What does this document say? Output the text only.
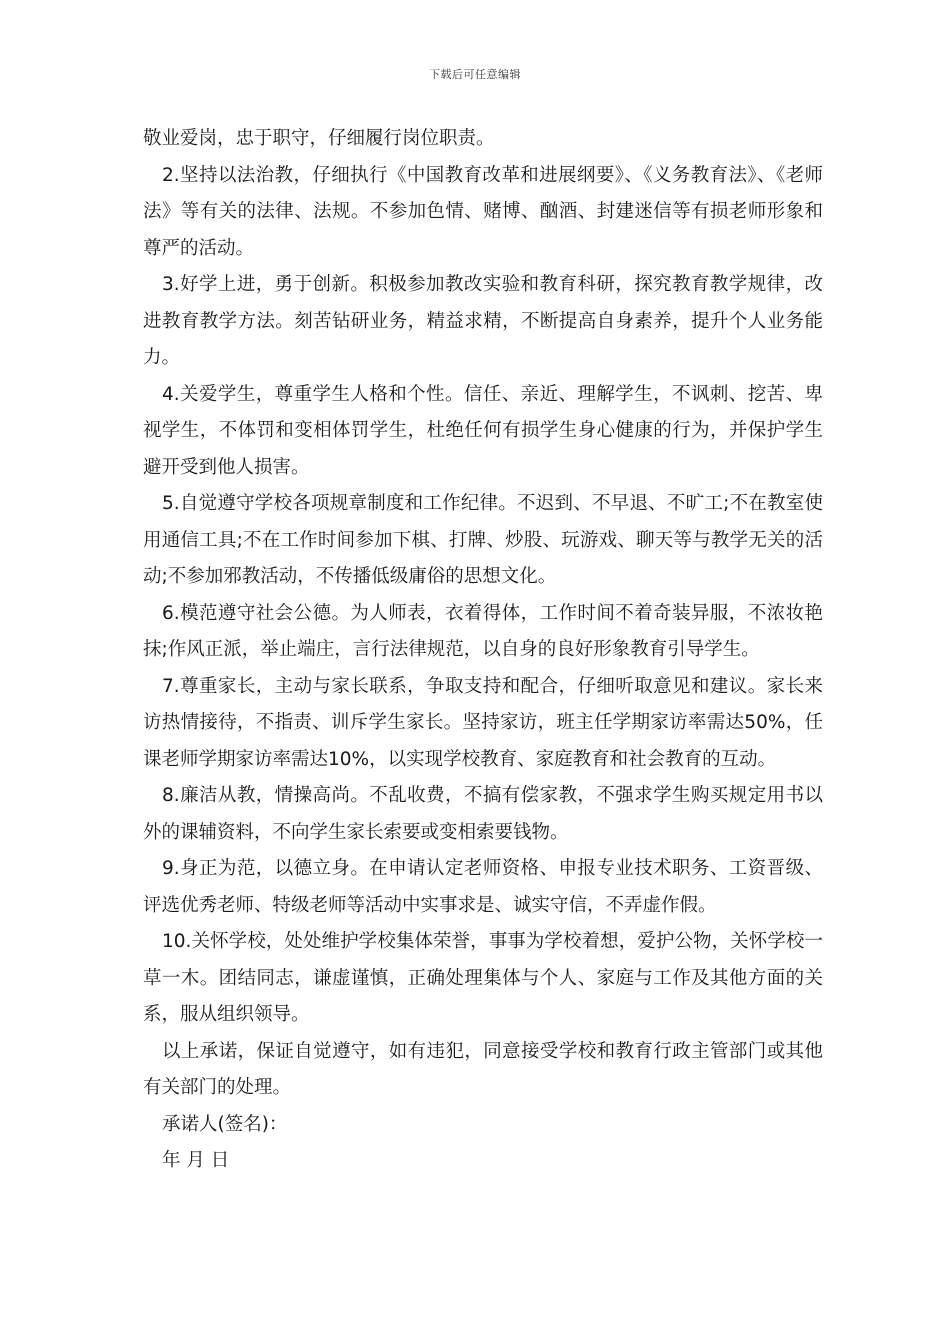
下载后可任意编辑

敬业爱岗，忠于职守，仔细履行岗位职责。

2.坚持以法治教，仔细执行《中国教育改革和进展纲要》、《义务教育法》、《老师法》等有关的法律、法规。不参加色情、赌博、酗酒、封建迷信等有损老师形象和尊严的活动。

3.好学上进，勇于创新。积极参加教改实验和教育科研，探究教育教学规律，改进教育教学方法。刻苦钻研业务，精益求精，不断提高自身素养，提升个人业务能力。

4.关爱学生，尊重学生人格和个性。信任、亲近、理解学生，不讽刺、挖苦、卑视学生，不体罚和变相体罚学生，杜绝任何有损学生身心健康的行为，并保护学生避开受到他人损害。

5.自觉遵守学校各项规章制度和工作纪律。不迟到、不早退、不旷工;不在教室使用通信工具;不在工作时间参加下棋、打牌、炒股、玩游戏、聊天等与教学无关的活动;不参加邪教活动，不传播低级庸俗的思想文化。

6.模范遵守社会公德。为人师表，衣着得体，工作时间不着奇装异服，不浓妆艳抹;作风正派，举止端庄，言行法律规范，以自身的良好形象教育引导学生。

7.尊重家长，主动与家长联系，争取支持和配合，仔细听取意见和建议。家长来访热情接待，不指责、训斥学生家长。坚持家访，班主任学期家访率需达50%，任课老师学期家访率需达10%，以实现学校教育、家庭教育和社会教育的互动。

8.廉洁从教，情操高尚。不乱收费，不搞有偿家教，不强求学生购买规定用书以外的课辅资料，不向学生家长索要或变相索要钱物。

9.身正为范，以德立身。在申请认定老师资格、申报专业技术职务、工资晋级、评选优秀老师、特级老师等活动中实事求是、诚实守信，不弄虚作假。

10.关怀学校，处处维护学校集体荣誉，事事为学校着想，爱护公物，关怀学校一草一木。团结同志，谦虚谨慎，正确处理集体与个人、家庭与工作及其他方面的关系，服从组织领导。

以上承诺，保证自觉遵守，如有违犯，同意接受学校和教育行政主管部门或其他有关部门的处理。

承诺人(签名)：

年 月 日
